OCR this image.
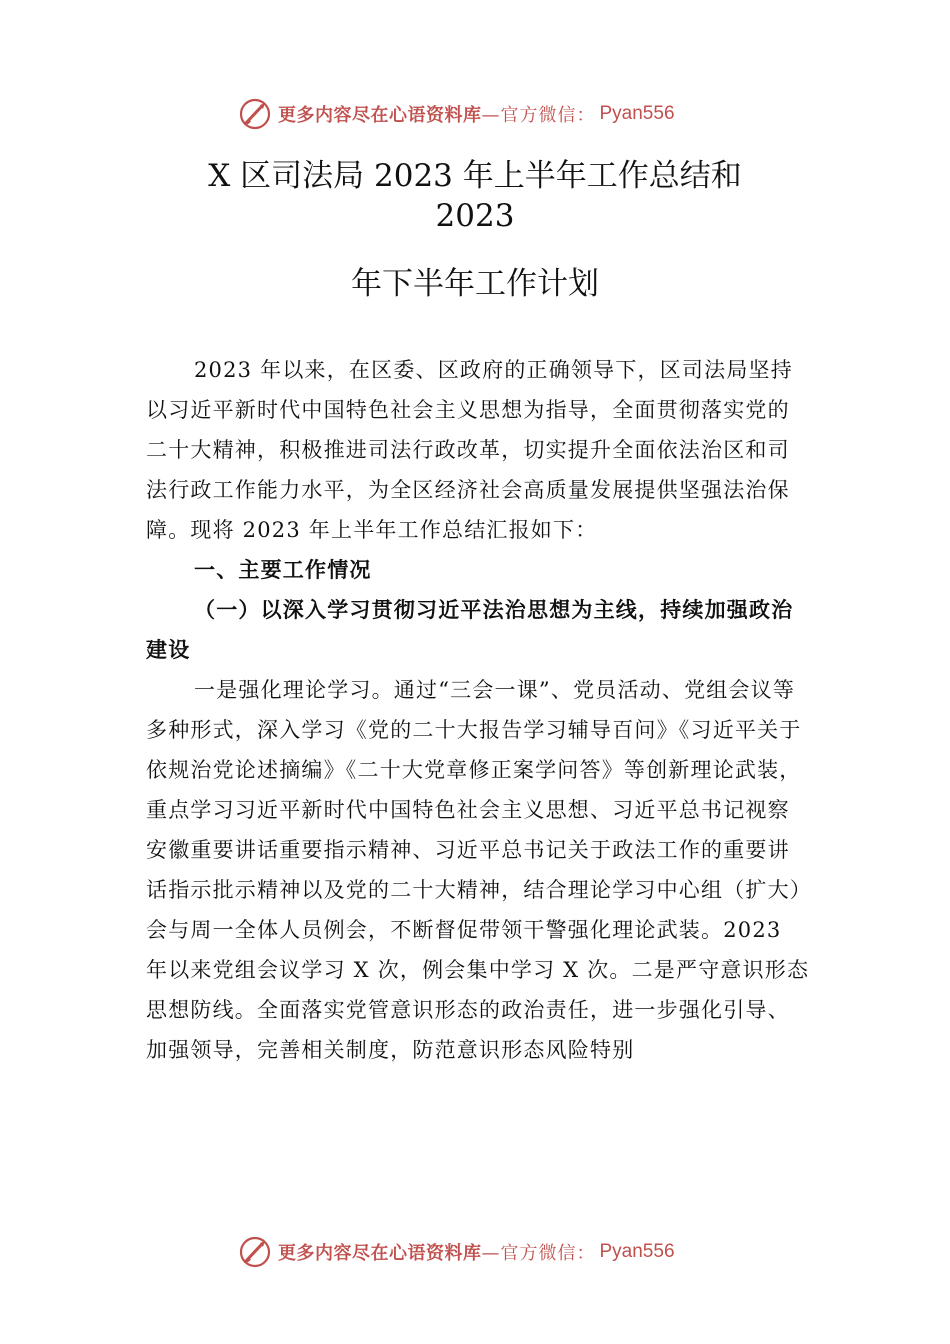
更多内容尽在心语资料库 —官方微信： Pyan556
X 区司法局 2023 年上半年工作总结和
2023
年下半年工作计划

2023 年以来，在区委、区政府的正确领导下，区司法局坚持以习近平新时代中国特色社会主义思想为指导，全面贯彻落实党的二十大精神，积极推进司法行政改革，切实提升全面依法治区和司法行政工作能力水平，为全区经济社会高质量发展提供坚强法治保障。现将 2023 年上半年工作总结汇报如下：

一、主要工作情况

（一）以深入学习贯彻习近平法治思想为主线，持续加强政治建设

一是强化理论学习。通过“三会一课”、党员活动、党组会议等多种形式，深入学习《党的二十大报告学习辅导百问》《习近平关于依规治党论述摘编》《二十大党章修正案学问答》等创新理论武装，重点学习习近平新时代中国特色社会主义思想、习近平总书记视察安徽重要讲话重要指示精神、习近平总书记关于政法工作的重要讲话指示批示精神以及党的二十大精神，结合理论学习中心组（扩大）会与周一全体人员例会，不断督促带领干警强化理论武装。2023 年以来党组会议学习 X 次，例会集中学习 X 次。二是严守意识形态思想防线。全面落实党管意识形态的政治责任，进一步强化引导、加强领导，完善相关制度，防范意识形态风险特别

更多内容尽在心语资料库 —官方微信： Pyan556
